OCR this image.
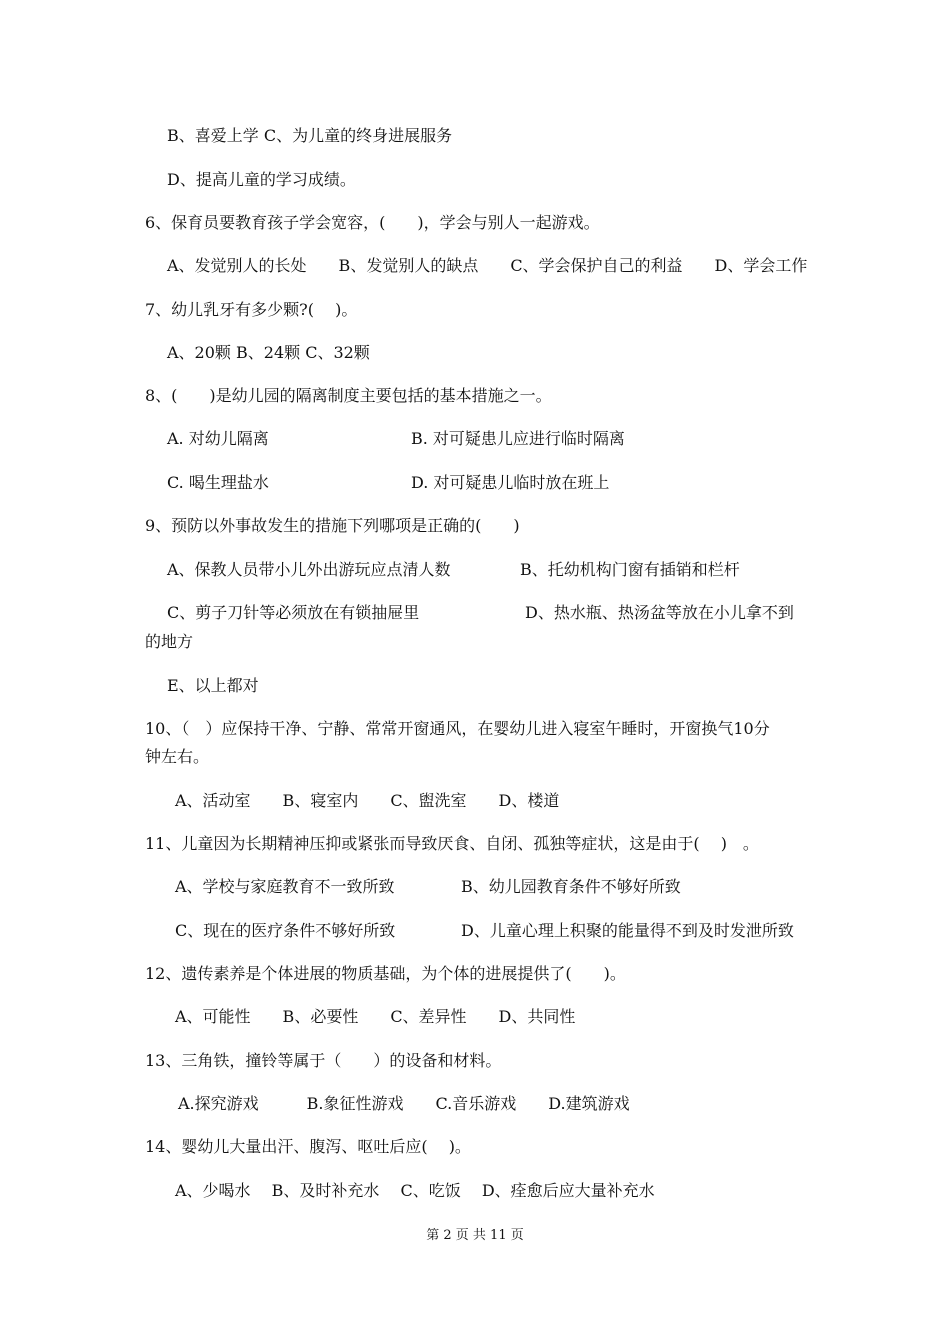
B、喜爱上学 C、为儿童的终身进展服务
D、提高儿童的学习成绩。
6、保育员要教育孩子学会宽容，(　　)，学会与别人一起游戏。
A、发觉别人的长处　　B、发觉别人的缺点　　C、学会保护自己的利益　　D、学会工作
7、幼儿乳牙有多少颗?(　 )。
A、20颗 B、24颗 C、32颗
8、(　　)是幼儿园的隔离制度主要包括的基本措施之一。
A. 对幼儿隔离	B. 对可疑患儿应进行临时隔离
C. 喝生理盐水	D. 对可疑患儿临时放在班上
9、预防以外事故发生的措施下列哪项是正确的(　　)
A、保教人员带小儿外出游玩应点清人数	B、托幼机构门窗有插销和栏杆
C、剪子刀针等必须放在有锁抽屉里	D、热水瓶、热汤盆等放在小儿拿不到
的地方
E、以上都对
10、（　）应保持干净、宁静、常常开窗通风，在婴幼儿进入寝室午睡时，开窗换气10分
钟左右。
A、活动室　　B、寝室内　　C、盥洗室　　D、楼道
11、儿童因为长期精神压抑或紧张而导致厌食、自闭、孤独等症状，这是由于(　 )　。
A、学校与家庭教育不一致所致	B、幼儿园教育条件不够好所致
C、现在的医疗条件不够好所致	D、儿童心理上积聚的能量得不到及时发泄所致
12、遗传素养是个体进展的物质基础，为个体的进展提供了(　　)。
A、可能性　　B、必要性　　C、差异性　　D、共同性
13、三角铁，撞铃等属于（　　）的设备和材料。
A.探究游戏　　　B.象征性游戏　　C.音乐游戏　　D.建筑游戏
14、婴幼儿大量出汗、腹泻、呕吐后应(　 )。
A、少喝水　 B、及时补充水　 C、吃饭　 D、痊愈后应大量补充水
第 2 页 共 11 页
